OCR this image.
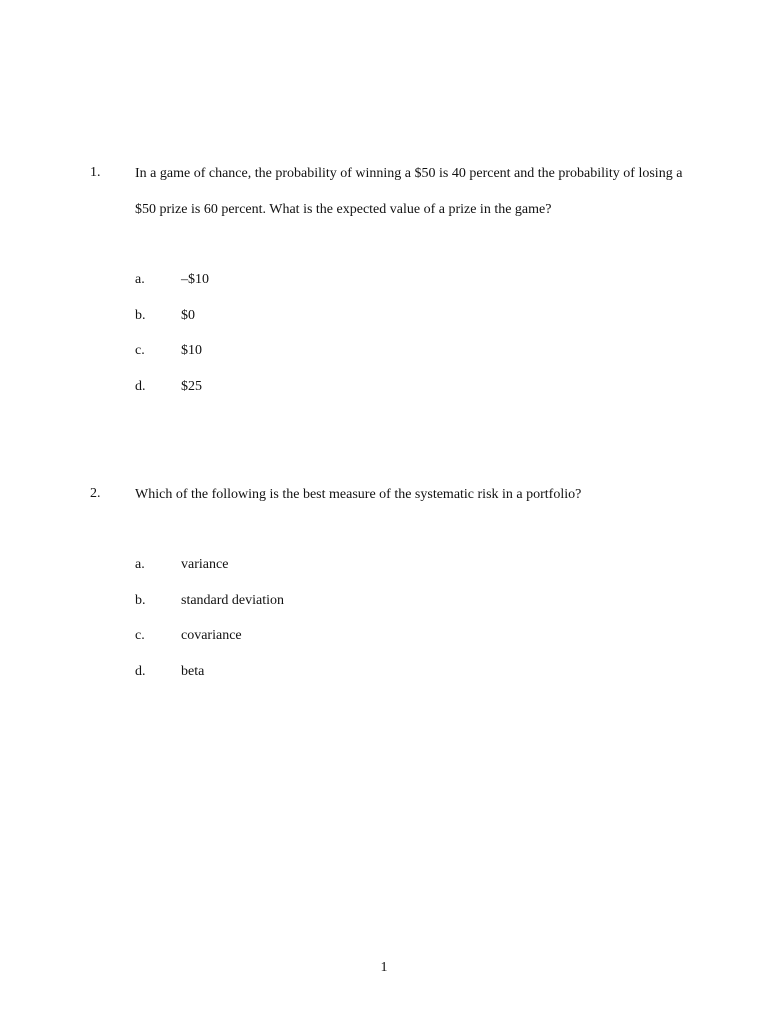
1. In a game of chance, the probability of winning a $50 is 40 percent and the probability of losing a $50 prize is 60 percent. What is the expected value of a prize in the game?
a.	–$10
b.	$0
c.	$10
d.	$25
2. Which of the following is the best measure of the systematic risk in a portfolio?
a.	variance
b.	standard deviation
c.	covariance
d.	beta
1
